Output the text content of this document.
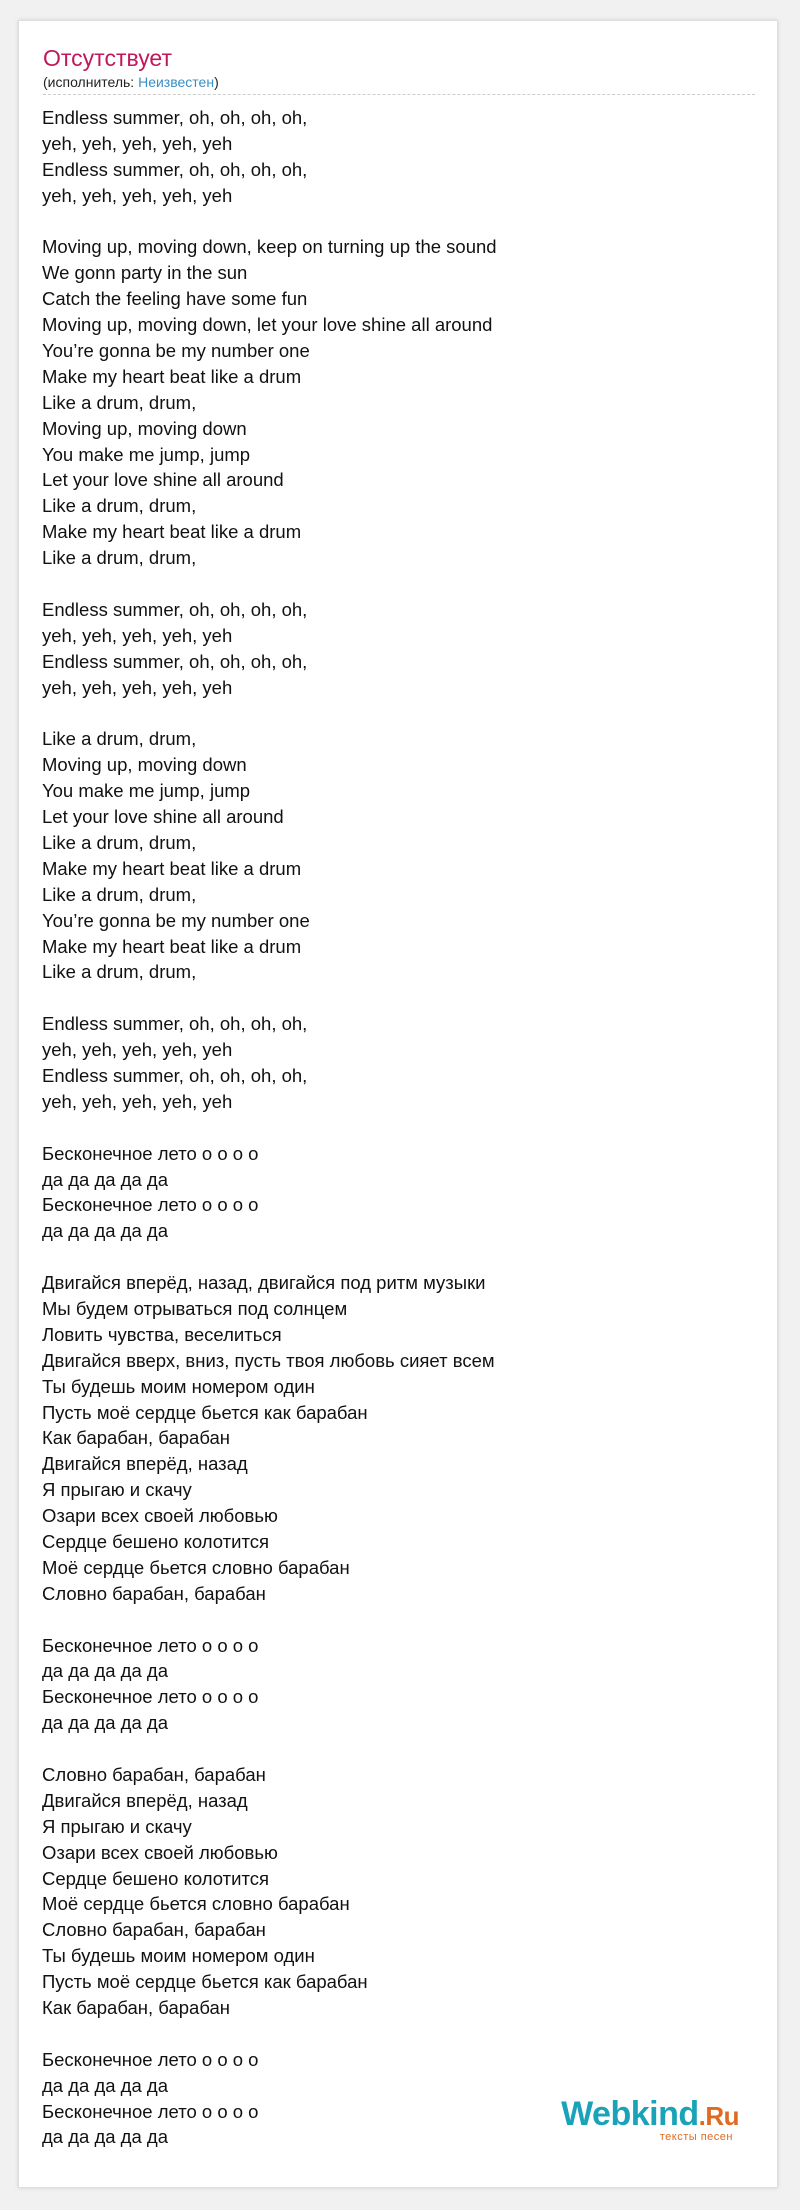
Отсутствует

(исполнитель: Неизвестен)

Endless summer, oh, oh, oh, oh,
yeh, yeh, yeh, yeh, yeh
Endless summer, oh, oh, oh, oh,
yeh, yeh, yeh, yeh, yeh
Moving up, moving down, keep on turning up the sound
We gonn party in the sun
Catch the feeling have some fun
Moving up, moving down, let your love shine all around
You’re gonna be my number one
Make my heart beat like a drum
Like a drum, drum,
Moving up, moving down
You make me jump, jump
Let your love shine all around
Like a drum, drum,
Make my heart beat like a drum
Like a drum, drum,
Endless summer, oh, oh, oh, oh,
yeh, yeh, yeh, yeh, yeh
Endless summer, oh, oh, oh, oh,
yeh, yeh, yeh, yeh, yeh
Like a drum, drum,
Moving up, moving down
You make me jump, jump
Let your love shine all around
Like a drum, drum,
Make my heart beat like a drum
Like a drum, drum,
You’re gonna be my number one
Make my heart beat like a drum
Like a drum, drum,
Endless summer, oh, oh, oh, oh,
yeh, yeh, yeh, yeh, yeh
Endless summer, oh, oh, oh, oh,
yeh, yeh, yeh, yeh, yeh
Бесконечное лето о о о о
да да да да да
Бесконечное лето о о о о
да да да да да
Двигайся вперёд, назад, двигайся под ритм музыки
Мы будем отрываться под солнцем
Ловить чувства, веселиться
Двигайся вверх, вниз, пусть твоя любовь сияет всем
Ты будешь моим номером один
Пусть моё сердце бьется как барабан
Как барабан, барабан
Двигайся вперёд, назад
Я прыгаю и скачу
Озари всех своей любовью
Сердце бешено колотится
Моё сердце бьется словно барабан
Словно барабан, барабан
Бесконечное лето о о о о
да да да да да
Бесконечное лето о о о о
да да да да да
Словно барабан, барабан
Двигайся вперёд, назад
Я прыгаю и скачу
Озари всех своей любовью
Сердце бешено колотится
Моё сердце бьется словно барабан
Словно барабан, барабан
Ты будешь моим номером один
Пусть моё сердце бьется как барабан
Как барабан, барабан
Бесконечное лето о о о о
да да да да да
Бесконечное лето о о о о
да да да да да
Webkind.Ru
тексты песен
